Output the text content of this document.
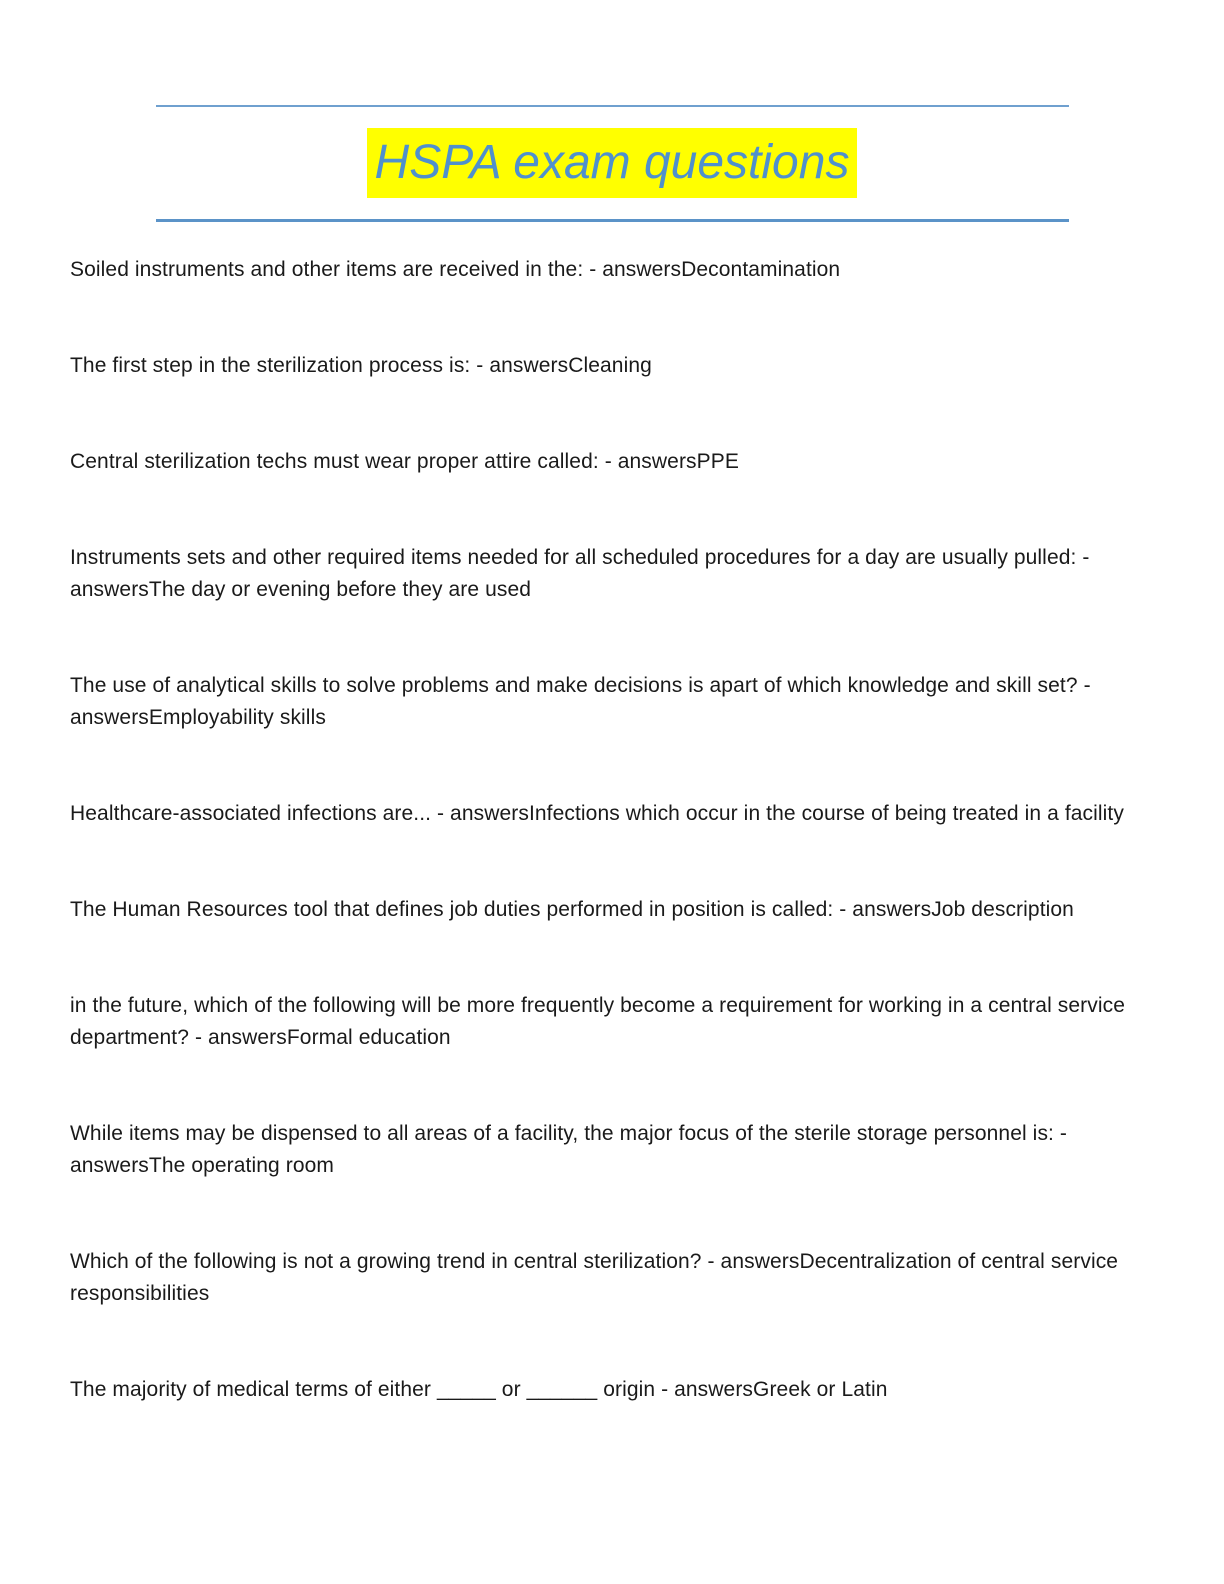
HSPA exam questions

Soiled instruments and other items are received in the: - answersDecontamination

The first step in the sterilization process is: - answersCleaning

Central sterilization techs must wear proper attire called: - answersPPE

Instruments sets and other required items needed for all scheduled procedures for a day are usually pulled: - answersThe day or evening before they are used

The use of analytical skills to solve problems and make decisions is apart of which knowledge and skill set? - answersEmployability skills

Healthcare-associated infections are... - answersInfections which occur in the course of being treated in a facility

The Human Resources tool that defines job duties performed in position is called: - answersJob description

in the future, which of the following will be more frequently become a requirement for working in a central service department? - answersFormal education

While items may be dispensed to all areas of a facility, the major focus of the sterile storage personnel is: - answersThe operating room

Which of the following is not a growing trend in central sterilization? - answersDecentralization of central service responsibilities

The majority of medical terms of either _____ or ______ origin - answersGreek or Latin
